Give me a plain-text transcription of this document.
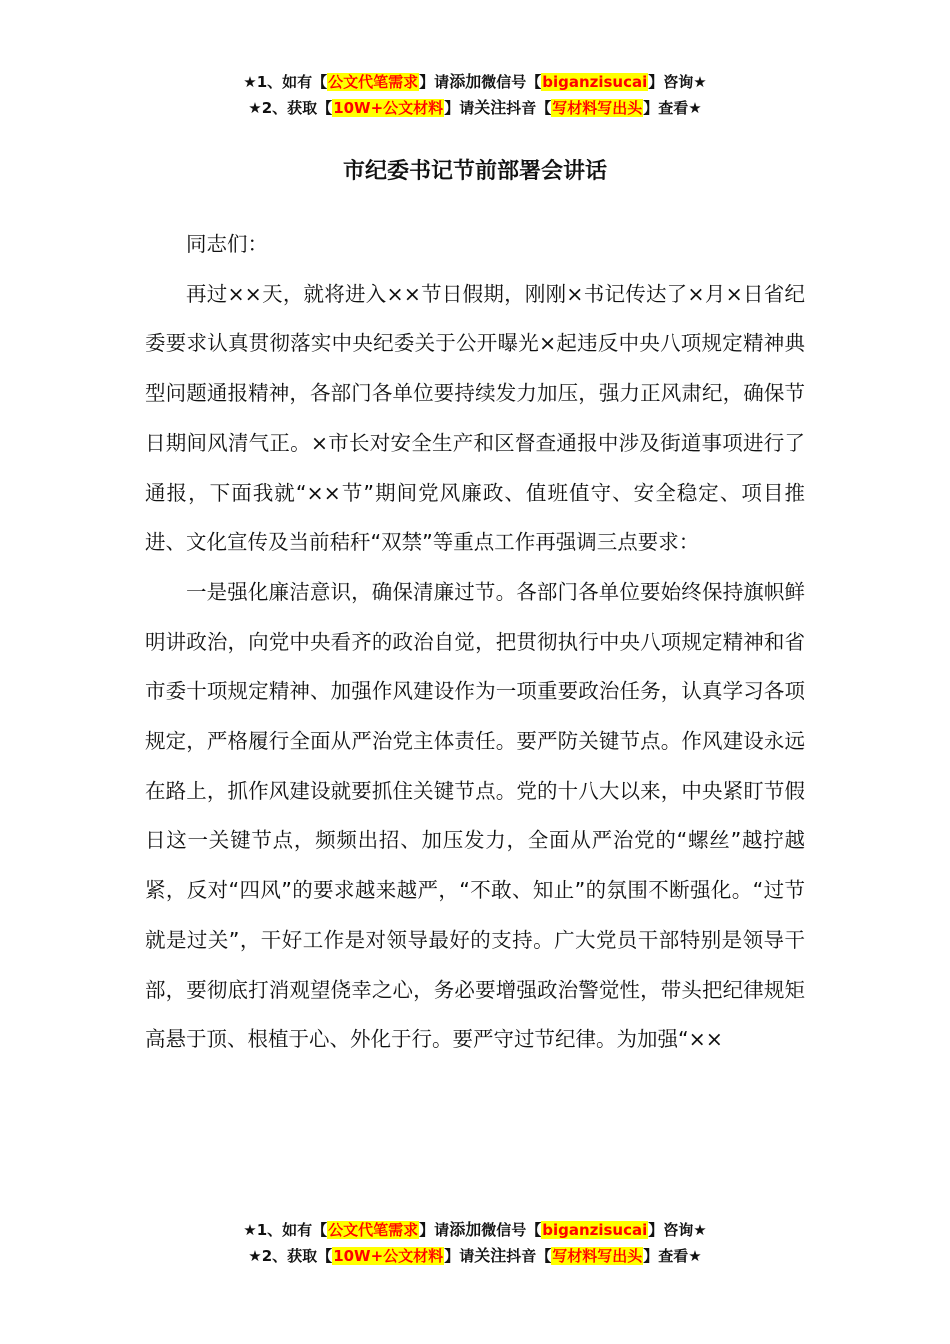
★1、如有【公文代笔需求】请添加微信号【biganzisucai】咨询★
★2、获取【10W+公文材料】请关注抖音【写材料写出头】查看★
市纪委书记节前部署会讲话

同志们：

再过××天，就将进入××节日假期，刚刚×书记传达了×月×日省纪委要求认真贯彻落实中央纪委关于公开曝光×起违反中央八项规定精神典型问题通报精神，各部门各单位要持续发力加压，强力正风肃纪，确保节日期间风清气正。×市长对安全生产和区督查通报中涉及街道事项进行了通报，下面我就“××节”期间党风廉政、值班值守、安全稳定、项目推进、文化宣传及当前秸秆“双禁”等重点工作再强调三点要求：

一是强化廉洁意识，确保清廉过节。各部门各单位要始终保持旗帜鲜明讲政治，向党中央看齐的政治自觉，把贯彻执行中央八项规定精神和省市委十项规定精神、加强作风建设作为一项重要政治任务，认真学习各项规定，严格履行全面从严治党主体责任。要严防关键节点。作风建设永远在路上，抓作风建设就要抓住关键节点。党的十八大以来，中央紧盯节假日这一关键节点，频频出招、加压发力，全面从严治党的“螺丝”越拧越紧，反对“四风”的要求越来越严，“不敢、知止”的氛围不断强化。“过节就是过关”，干好工作是对领导最好的支持。广大党员干部特别是领导干部，要彻底打消观望侥幸之心，务必要增强政治警觉性，带头把纪律规矩高悬于顶、根植于心、外化于行。要严守过节纪律。为加强“××

★1、如有【公文代笔需求】请添加微信号【biganzisucai】咨询★
★2、获取【10W+公文材料】请关注抖音【写材料写出头】查看★
